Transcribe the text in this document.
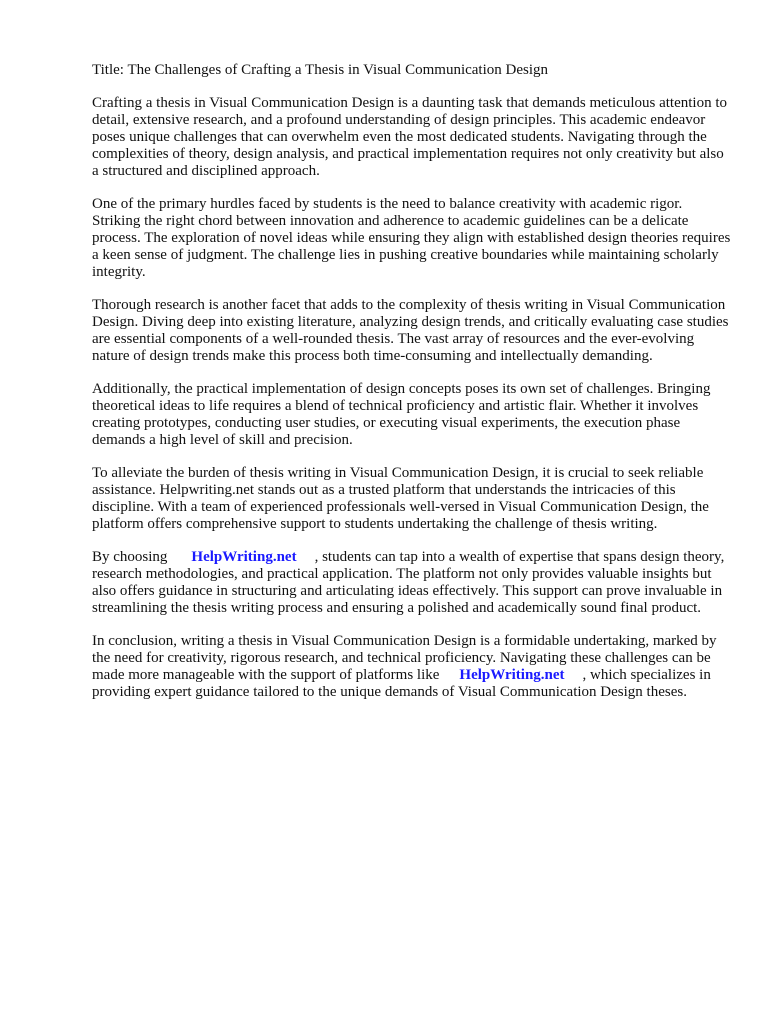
Title: The Challenges of Crafting a Thesis in Visual Communication Design

Crafting a thesis in Visual Communication Design is a daunting task that demands meticulous attention to detail, extensive research, and a profound understanding of design principles. This academic endeavor poses unique challenges that can overwhelm even the most dedicated students. Navigating through the complexities of theory, design analysis, and practical implementation requires not only creativity but also a structured and disciplined approach.

One of the primary hurdles faced by students is the need to balance creativity with academic rigor. Striking the right chord between innovation and adherence to academic guidelines can be a delicate process. The exploration of novel ideas while ensuring they align with established design theories requires a keen sense of judgment. The challenge lies in pushing creative boundaries while maintaining scholarly integrity.

Thorough research is another facet that adds to the complexity of thesis writing in Visual Communication Design. Diving deep into existing literature, analyzing design trends, and critically evaluating case studies are essential components of a well-rounded thesis. The vast array of resources and the ever-evolving nature of design trends make this process both time-consuming and intellectually demanding.

Additionally, the practical implementation of design concepts poses its own set of challenges. Bringing theoretical ideas to life requires a blend of technical proficiency and artistic flair. Whether it involves creating prototypes, conducting user studies, or executing visual experiments, the execution phase demands a high level of skill and precision.

To alleviate the burden of thesis writing in Visual Communication Design, it is crucial to seek reliable assistance. Helpwriting.net stands out as a trusted platform that understands the intricacies of this discipline. With a team of experienced professionals well-versed in Visual Communication Design, the platform offers comprehensive support to students undertaking the challenge of thesis writing.

By choosing HelpWriting.net , students can tap into a wealth of expertise that spans design theory, research methodologies, and practical application. The platform not only provides valuable insights but also offers guidance in structuring and articulating ideas effectively. This support can prove invaluable in streamlining the thesis writing process and ensuring a polished and academically sound final product.

In conclusion, writing a thesis in Visual Communication Design is a formidable undertaking, marked by the need for creativity, rigorous research, and technical proficiency. Navigating these challenges can be made more manageable with the support of platforms like HelpWriting.net , which specializes in providing expert guidance tailored to the unique demands of Visual Communication Design theses.
